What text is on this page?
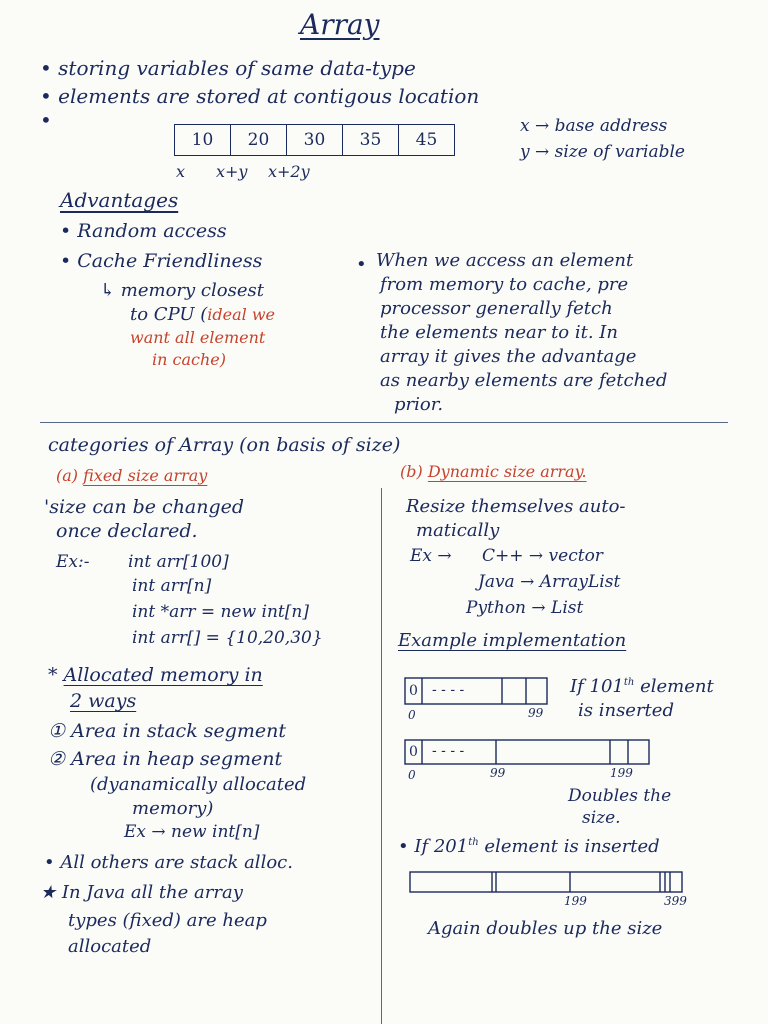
Array
• storing variables of same data-type
• elements are stored at contigous location
•
10	20	30	35	45
x x+y x+2y
x → base address
y → size of variable
Advantages
• Random access
• Cache Friendliness
↳ memory closest
to CPU (ideal we
want all element
in cache)
• When we access an element
from memory to cache, pre
processor generally fetch
the elements near to it. In
array it gives the advantage
as nearby elements are fetched
prior.
categories of Array (on basis of size)
(a) fixed size array
'size can be changed
once declared.
Ex:- int arr[100]
int arr[n]
int *arr = new int[n]
int arr[] = {10,20,30}
* Allocated memory in
2 ways
① Area in stack segment
② Area in heap segment
(dyanamically allocated
memory)
Ex → new int[n]
• All others are stack alloc.
★ In Java all the array
types (fixed) are heap
allocated
(b) Dynamic size array.
Resize themselves auto-
matically
Ex → C++ → vector
Java → ArrayList
Python → List
Example implementation
0 - - - -
0	99
If 101th element
is inserted
0 - - - -
0	99	199
Doubles the
size.
• If 201th element is inserted
199	399
Again doubles up the size
